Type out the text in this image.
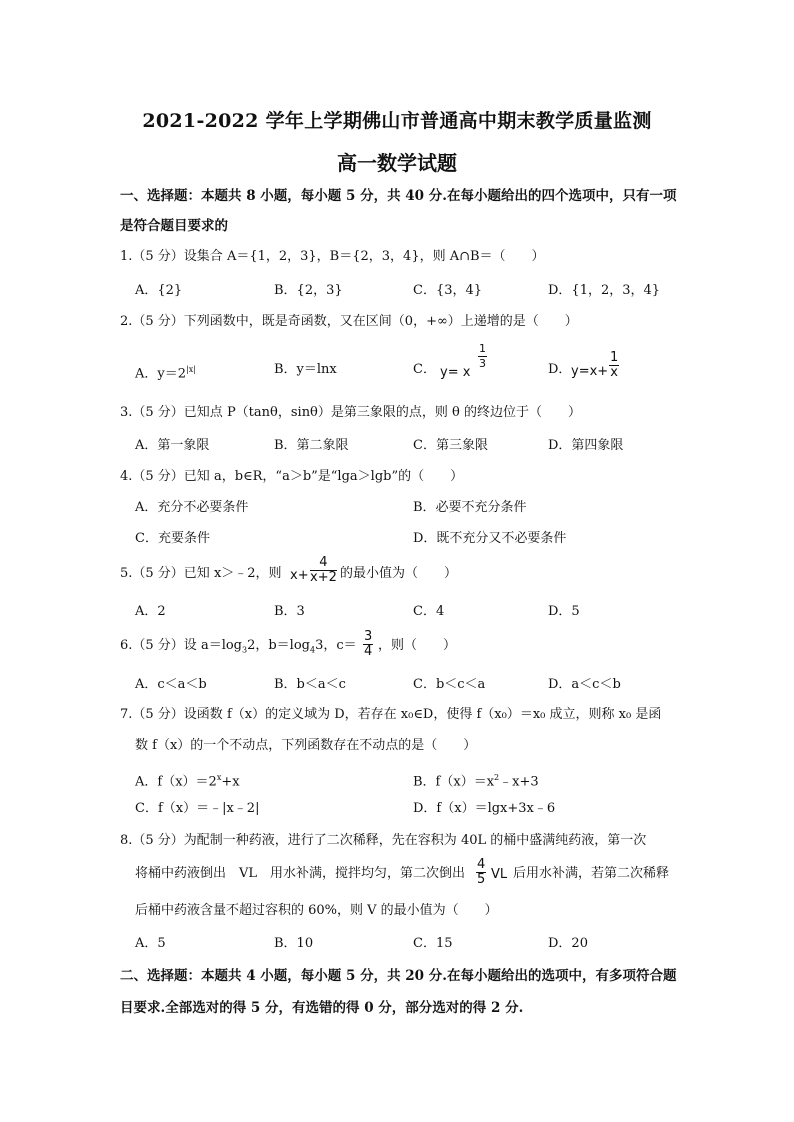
2021-2022 学年上学期佛山市普通高中期末教学质量监测
高一数学试题
一、选择题：本题共 8 小题，每小题 5 分，共 40 分.在每小题给出的四个选项中，只有一项
是符合题目要求的
1.（5 分）设集合 A＝{1，2，3}，B＝{2，3，4}，则 A∩B＝（　　）
A．{2}	B．{2，3}	C．{3，4}	D．{1，2，3，4}
2.（5 分）下列函数中，既是奇函数，又在区间（0，+∞）上递增的是（　　）
A．$y=2^{|x|}$	B．y＝lnx	C． y= x
$\frac{1}{3}$	D． $y=x+ \frac{1}{x}$
3.（5 分）已知点 P（tanθ，sinθ）是第三象限的点，则 θ 的终边位于（　　）
A．第一象限	B．第二象限	C．第三象限	D．第四象限
4.（5 分）已知 a，b∈R，“a＞b”是“lga＞lgb”的（　　）
A．充分不必要条件	B．必要不充分条件
C．充要条件	D．既不充分又不必要条件
5.（5 分）已知 x＞﹣2，则 $x+ \frac{4}{x+2}$ 的最小值为（　　）
A．2	B．3	C．4	D．5
6.（5 分）设 $a=\log_32$，$b=\log_43$，$c= \frac{3}{4}$ ，则（　　）
A．c＜a＜b	B．b＜a＜c	C．b＜c＜a	D．a＜c＜b
7.（5 分）设函数 f（x）的定义域为 D，若存在 x₀∈D，使得 f（x₀）＝x₀ 成立，则称 x₀ 是函
数 f（x）的一个不动点，下列函数存在不动点的是（　　）
A．$f(x)=2^x+x$	B．$f(x)=x^2﹣x+3$
C．f（x）＝﹣|x﹣2|	D．f（x）＝lgx+3x﹣6
8.（5 分）为配制一种药液，进行了二次稀释，先在容积为 40L 的桶中盛满纯药液，第一次
将桶中药液倒出　VL　用水补满，搅拌均匀，第二次倒出 $\frac{4}{5}$ VL 后用水补满，若第二次稀释
后桶中药液含量不超过容积的 60%，则 V 的最小值为（　　）
A．5	B．10	C．15	D．20
二、选择题：本题共 4 小题，每小题 5 分，共 20 分.在每小题给出的选项中，有多项符合题
目要求.全部选对的得 5 分，有选错的得 0 分，部分选对的得 2 分.
